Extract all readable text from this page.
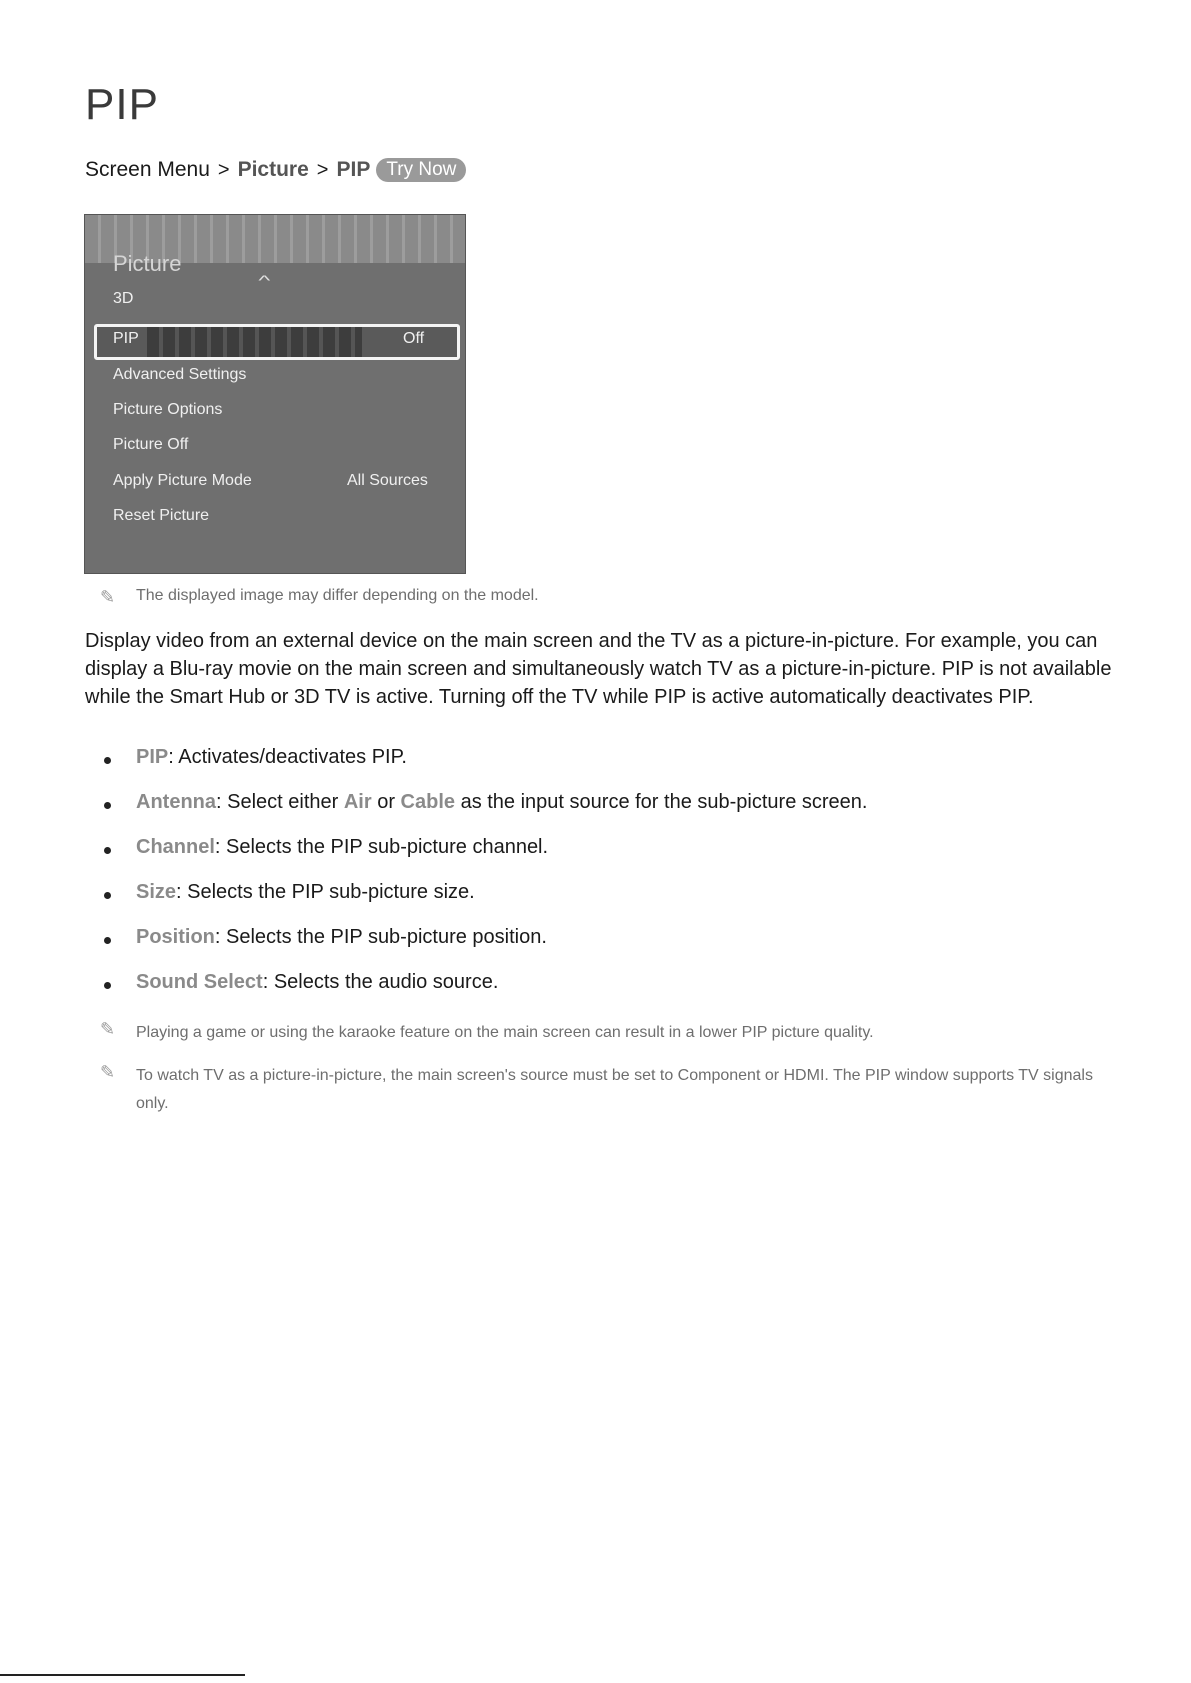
PIP
Screen Menu > Picture > PIP Try Now
Picture
^
3D
PIP	Off
Advanced Settings
Picture Options
Picture Off
Apply Picture Mode	All Sources
Reset Picture
✎	The displayed image may differ depending on the model.
Display video from an external device on the main screen and the TV as a picture-in-picture. For example, you can display a Blu-ray movie on the main screen and simultaneously watch TV as a picture-in-picture. PIP is not available while the Smart Hub or 3D TV is active. Turning off the TV while PIP is active automatically deactivates PIP.
PIP: Activates/deactivates PIP.
Antenna: Select either Air or Cable as the input source for the sub-picture screen.
Channel: Selects the PIP sub-picture channel.
Size: Selects the PIP sub-picture size.
Position: Selects the PIP sub-picture position.
Sound Select: Selects the audio source.
✎	Playing a game or using the karaoke feature on the main screen can result in a lower PIP picture quality.
✎	To watch TV as a picture-in-picture, the main screen's source must be set to Component or HDMI. The PIP window supports TV signals only.
